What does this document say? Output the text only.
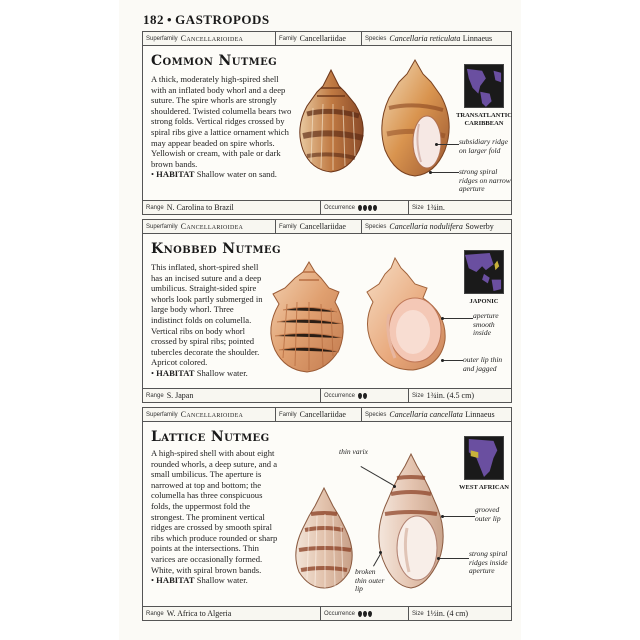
182 • GASTROPODS
Superfamily Cancellarioidea	Family Cancellariidae	Species Cancellaria reticulata
Linnaeus
Common Nutmeg
A thick, moderately high-spired shell with an inflated body whorl and a deep suture. The spire whorls are strongly shouldered. Twisted columella bears two strong folds. Vertical ridges crossed by spiral ribs give a lattice ornament which may appear beaded on spire whorls. Yellowish or cream, with pale or dark brown bands.
• HABITAT Shallow water on sand.
TRANSATLANTIC
CARIBBEAN
subsidiary ridge on larger fold
strong spiral ridges on narrow aperture
Range N. Carolina to Brazil	Occurrence	Size 1¾in.
Superfamily Cancellarioidea	Family Cancellariidae	Species Cancellaria nodulifera
Sowerby
Knobbed Nutmeg
This inflated, short-spired shell has an incised suture and a deep umbilicus. Straight-sided spire whorls look partly submerged in large body whorl. Three indistinct folds on columella. Vertical ribs on body whorl crossed by spiral ribs; pointed tubercles decorate the shoulder. Apricot colored.
• HABITAT Shallow water.
JAPONIC
aperture smooth inside
outer lip thin and jagged
Range S. Japan	Occurrence	Size 1¾in. (4.5 cm)
Superfamily Cancellarioidea	Family Cancellariidae	Species Cancellaria cancellata
Linnaeus
Lattice Nutmeg
A high-spired shell with about eight rounded whorls, a deep suture, and a small umbilicus. The aperture is narrowed at top and bottom; the columella has three conspicuous folds, the uppermost fold the strongest. The prominent vertical ridges are crossed by smooth spiral ribs which produce rounded or sharp points at the intersections. Thin varices are occasionally formed. White, with spiral brown bands.
• HABITAT Shallow water.
WEST AFRICAN
thin varix
grooved outer lip
strong spiral ridges inside aperture
broken thin outer lip
Range W. Africa to Algeria	Occurrence	Size 1½in. (4 cm)
